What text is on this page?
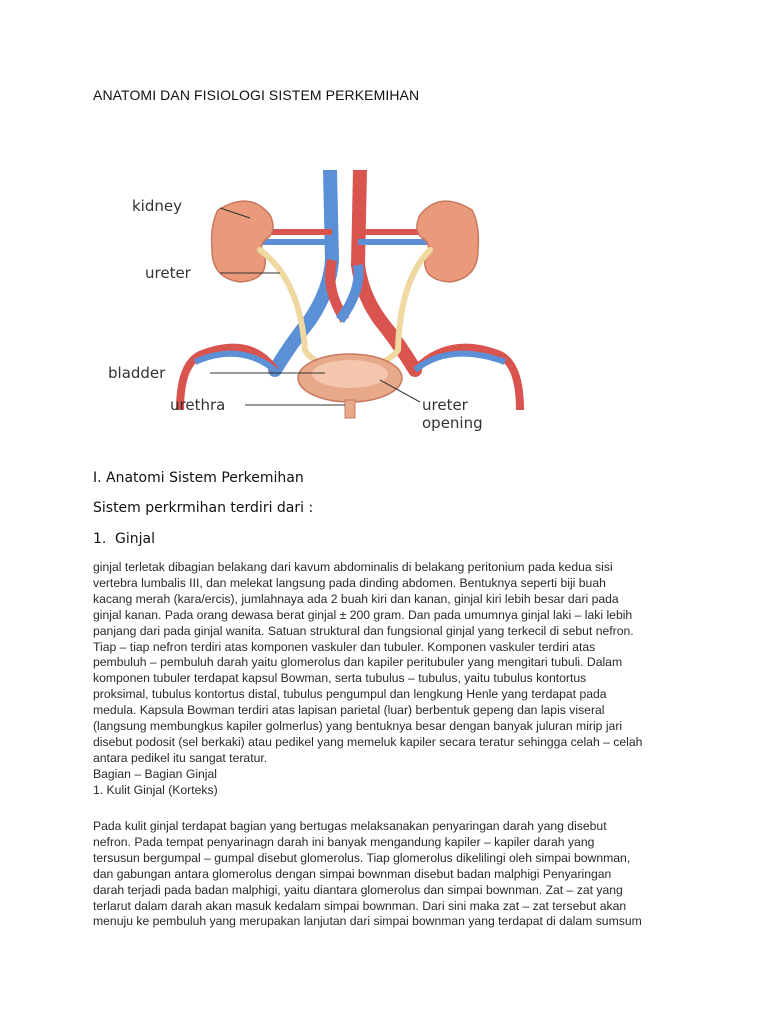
ANATOMI DAN FISIOLOGI SISTEM PERKEMIHAN
kidney
ureter
bladder
urethra	ureter
opening
I. Anatomi Sistem Perkemihan
Sistem perkrmihan terdiri dari :
1. Ginjal
ginjal terletak dibagian belakang dari kavum abdominalis di belakang peritonium pada kedua sisi
vertebra lumbalis III, dan melekat langsung pada dinding abdomen. Bentuknya seperti biji buah
kacang merah (kara/ercis), jumlahnaya ada 2 buah kiri dan kanan, ginjal kiri lebih besar dari pada
ginjal kanan. Pada orang dewasa berat ginjal ± 200 gram. Dan pada umumnya ginjal laki – laki lebih
panjang dari pada ginjal wanita. Satuan struktural dan fungsional ginjal yang terkecil di sebut nefron.
Tiap – tiap nefron terdiri atas komponen vaskuler dan tubuler. Komponen vaskuler terdiri atas
pembuluh – pembuluh darah yaitu glomerolus dan kapiler peritubuler yang mengitari tubuli. Dalam
komponen tubuler terdapat kapsul Bowman, serta tubulus – tubulus, yaitu tubulus kontortus
proksimal, tubulus kontortus distal, tubulus pengumpul dan lengkung Henle yang terdapat pada
medula. Kapsula Bowman terdiri atas lapisan parietal (luar) berbentuk gepeng dan lapis viseral
(langsung membungkus kapiler golmerlus) yang bentuknya besar dengan banyak juluran mirip jari
disebut podosit (sel berkaki) atau pedikel yang memeluk kapiler secara teratur sehingga celah – celah
antara pedikel itu sangat teratur.
Bagian – Bagian Ginjal
1. Kulit Ginjal (Korteks)
Pada kulit ginjal terdapat bagian yang bertugas melaksanakan penyaringan darah yang disebut
nefron. Pada tempat penyarinagn darah ini banyak mengandung kapiler – kapiler darah yang
tersusun bergumpal – gumpal disebut glomerolus. Tiap glomerolus dikelilingi oleh simpai bownman,
dan gabungan antara glomerolus dengan simpai bownman disebut badan malphigi Penyaringan
darah terjadi pada badan malphigi, yaitu diantara glomerolus dan simpai bownman. Zat – zat yang
terlarut dalam darah akan masuk kedalam simpai bownman. Dari sini maka zat – zat tersebut akan
menuju ke pembuluh yang merupakan lanjutan dari simpai bownman yang terdapat di dalam sumsum
